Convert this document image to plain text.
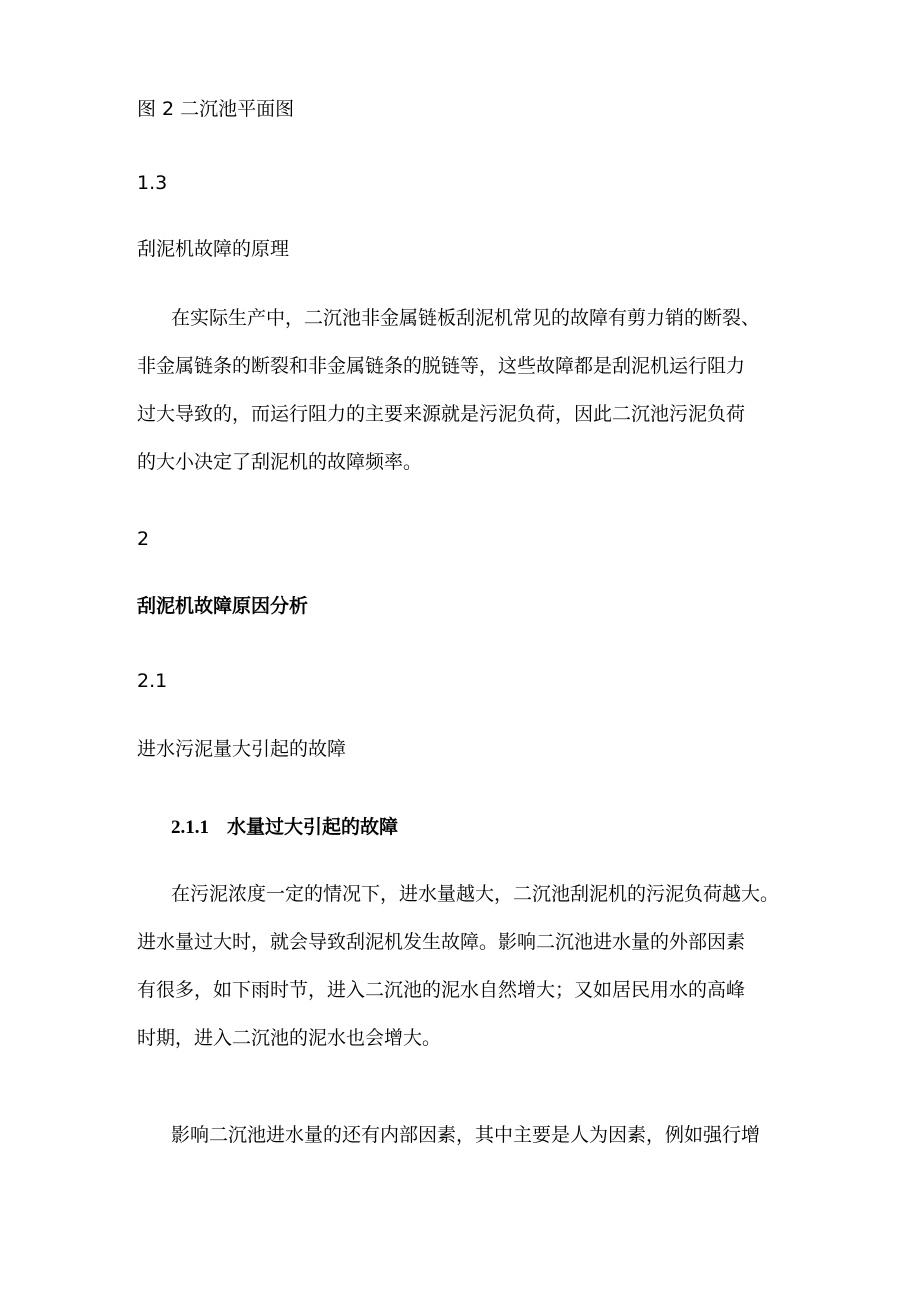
图 2 二沉池平面图

1.3

刮泥机故障的原理

在实际生产中，二沉池非金属链板刮泥机常见的故障有剪力销的断裂、

非金属链条的断裂和非金属链条的脱链等，这些故障都是刮泥机运行阻力

过大导致的，而运行阻力的主要来源就是污泥负荷，因此二沉池污泥负荷

的大小决定了刮泥机的故障频率。

2

刮泥机故障原因分析

2.1

进水污泥量大引起的故障

2.1.1 水量过大引起的故障

在污泥浓度一定的情况下，进水量越大，二沉池刮泥机的污泥负荷越大。

进水量过大时，就会导致刮泥机发生故障。影响二沉池进水量的外部因素

有很多，如下雨时节，进入二沉池的泥水自然增大；又如居民用水的高峰

时期，进入二沉池的泥水也会增大。

影响二沉池进水量的还有内部因素，其中主要是人为因素，例如强行增
